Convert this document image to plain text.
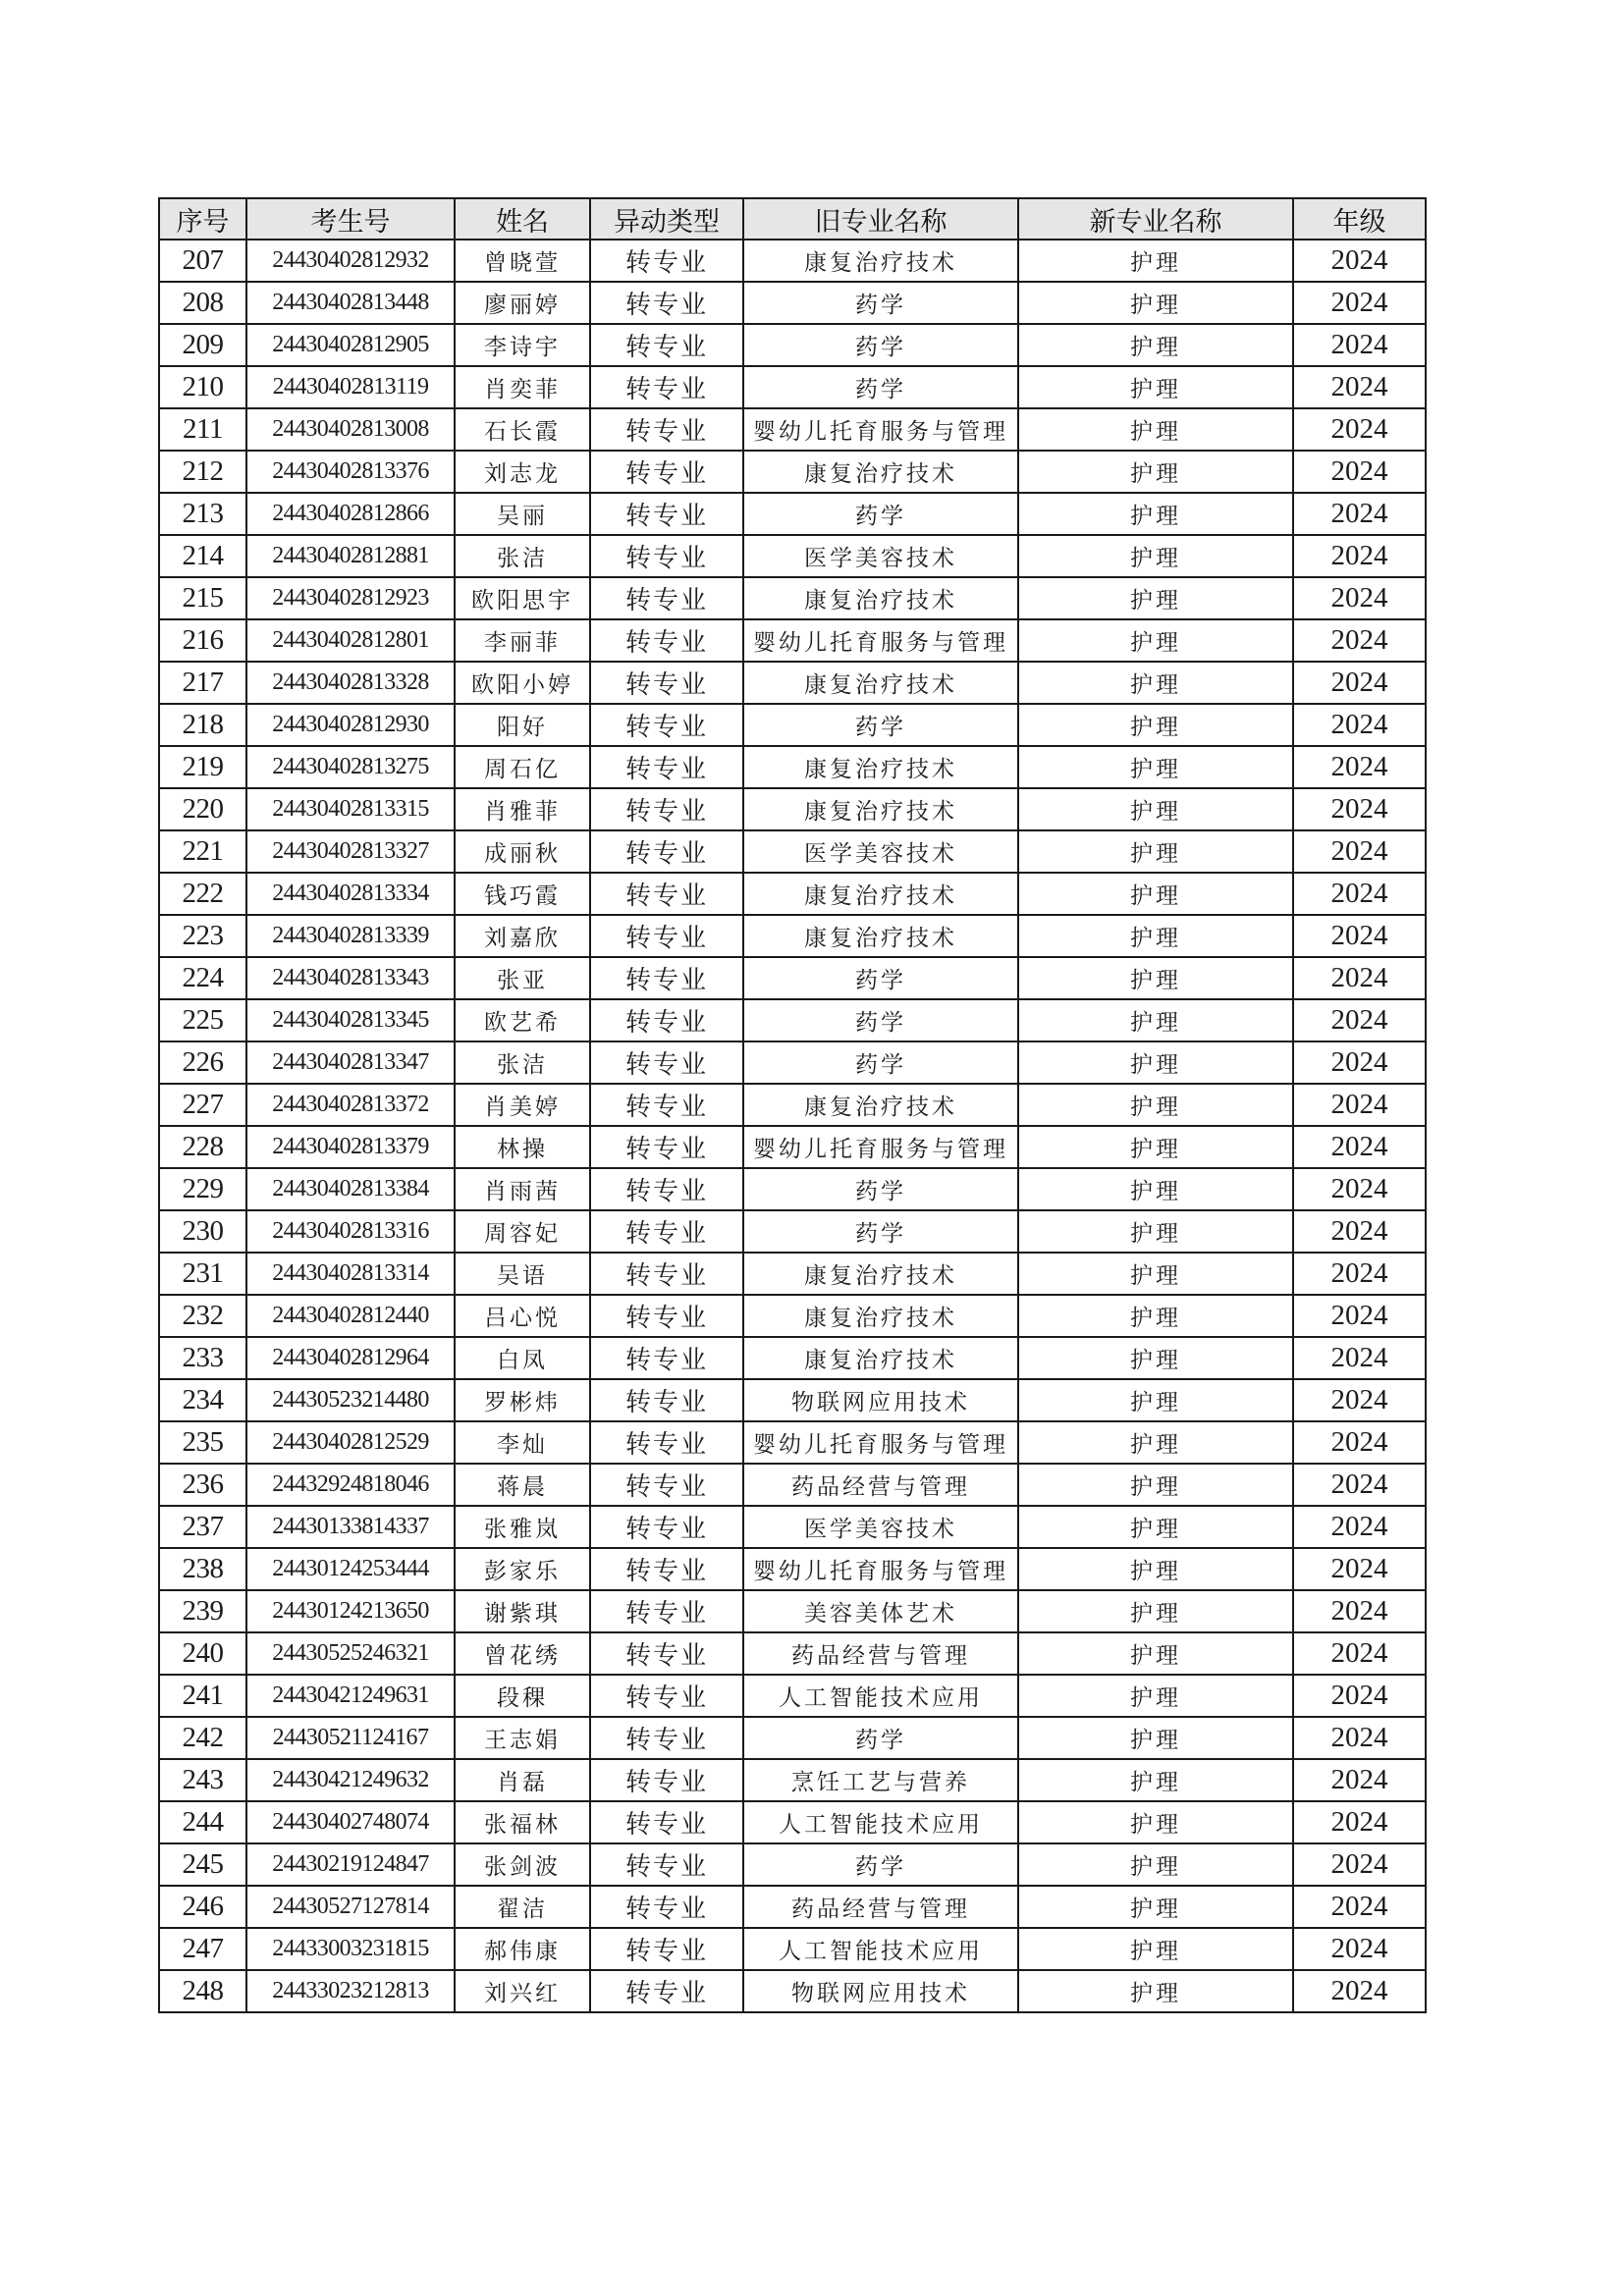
序号	考生号	姓名	异动类型	旧专业名称	新专业名称	年级
207	24430402812932	曾晓萱	转专业	康复治疗技术	护理	2024
208	24430402813448	廖丽婷	转专业	药学	护理	2024
209	24430402812905	李诗宇	转专业	药学	护理	2024
210	24430402813119	肖奕菲	转专业	药学	护理	2024
211	24430402813008	石长霞	转专业	婴幼儿托育服务与管理	护理	2024
212	24430402813376	刘志龙	转专业	康复治疗技术	护理	2024
213	24430402812866	吴丽	转专业	药学	护理	2024
214	24430402812881	张洁	转专业	医学美容技术	护理	2024
215	24430402812923	欧阳思宇	转专业	康复治疗技术	护理	2024
216	24430402812801	李丽菲	转专业	婴幼儿托育服务与管理	护理	2024
217	24430402813328	欧阳小婷	转专业	康复治疗技术	护理	2024
218	24430402812930	阳好	转专业	药学	护理	2024
219	24430402813275	周石亿	转专业	康复治疗技术	护理	2024
220	24430402813315	肖雅菲	转专业	康复治疗技术	护理	2024
221	24430402813327	成丽秋	转专业	医学美容技术	护理	2024
222	24430402813334	钱巧霞	转专业	康复治疗技术	护理	2024
223	24430402813339	刘嘉欣	转专业	康复治疗技术	护理	2024
224	24430402813343	张亚	转专业	药学	护理	2024
225	24430402813345	欧艺希	转专业	药学	护理	2024
226	24430402813347	张洁	转专业	药学	护理	2024
227	24430402813372	肖美婷	转专业	康复治疗技术	护理	2024
228	24430402813379	林操	转专业	婴幼儿托育服务与管理	护理	2024
229	24430402813384	肖雨茜	转专业	药学	护理	2024
230	24430402813316	周容妃	转专业	药学	护理	2024
231	24430402813314	吴语	转专业	康复治疗技术	护理	2024
232	24430402812440	吕心悦	转专业	康复治疗技术	护理	2024
233	24430402812964	白凤	转专业	康复治疗技术	护理	2024
234	24430523214480	罗彬炜	转专业	物联网应用技术	护理	2024
235	24430402812529	李灿	转专业	婴幼儿托育服务与管理	护理	2024
236	24432924818046	蒋晨	转专业	药品经营与管理	护理	2024
237	24430133814337	张雅岚	转专业	医学美容技术	护理	2024
238	24430124253444	彭家乐	转专业	婴幼儿托育服务与管理	护理	2024
239	24430124213650	谢紫琪	转专业	美容美体艺术	护理	2024
240	24430525246321	曾花绣	转专业	药品经营与管理	护理	2024
241	24430421249631	段稞	转专业	人工智能技术应用	护理	2024
242	24430521124167	王志娟	转专业	药学	护理	2024
243	24430421249632	肖磊	转专业	烹饪工艺与营养	护理	2024
244	24430402748074	张福林	转专业	人工智能技术应用	护理	2024
245	24430219124847	张剑波	转专业	药学	护理	2024
246	24430527127814	翟洁	转专业	药品经营与管理	护理	2024
247	24433003231815	郝伟康	转专业	人工智能技术应用	护理	2024
248	24433023212813	刘兴红	转专业	物联网应用技术	护理	2024
